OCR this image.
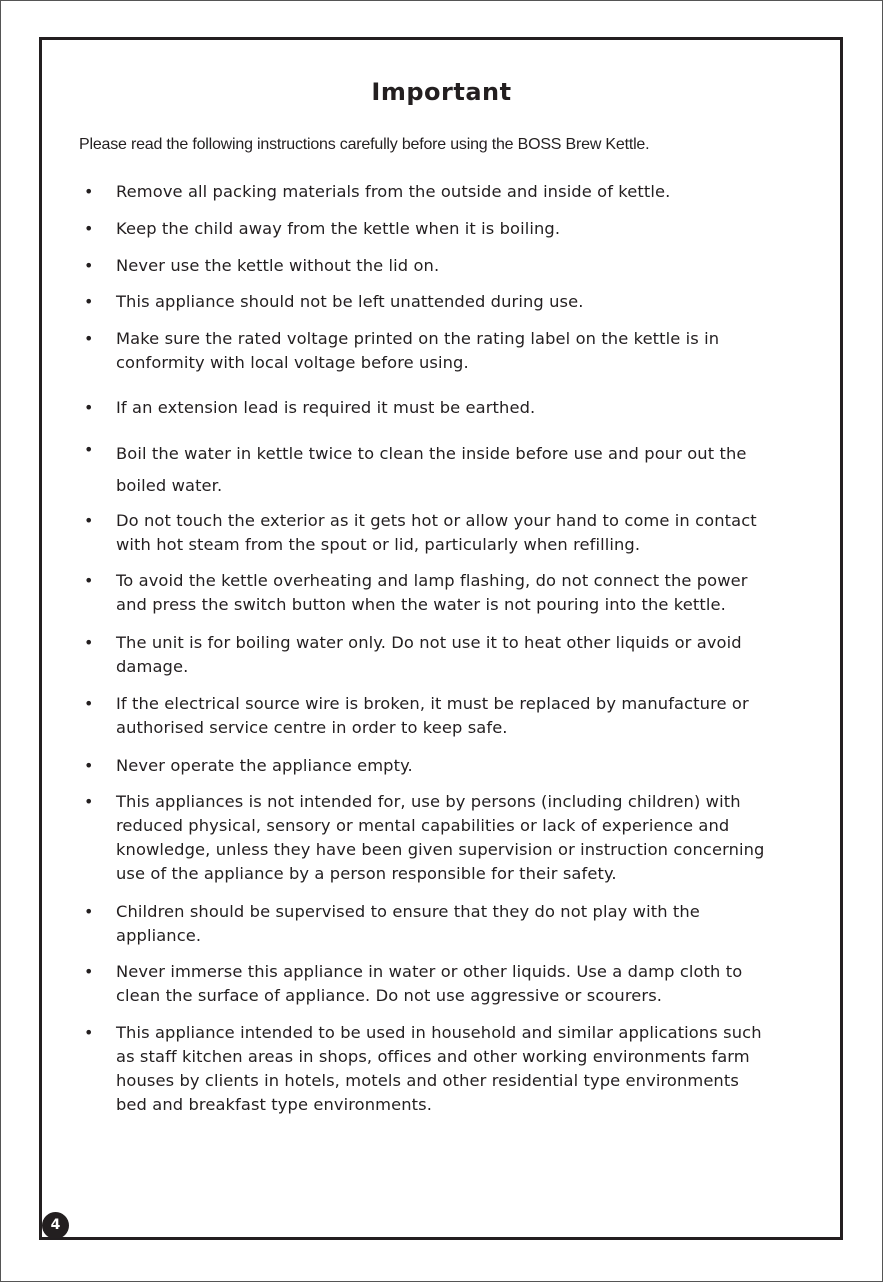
Important

Please read the following instructions carefully before using the BOSS Brew Kettle.

• Remove all packing materials from the outside and inside of kettle.

• Keep the child away from the kettle when it is boiling.

• Never use the kettle without the lid on.

• This appliance should not be left unattended during use.

• Make sure the rated voltage printed on the rating label on the kettle is in
conformity with local voltage before using.

• If an extension lead is required it must be earthed.

• Boil the water in kettle twice to clean the inside before use and pour out the
boiled water.

• Do not touch the exterior as it gets hot or allow your hand to come in contact
with hot steam from the spout or lid, particularly when refilling.

• To avoid the kettle overheating and lamp flashing, do not connect the power
and press the switch button when the water is not pouring into the kettle.

• The unit is for boiling water only. Do not use it to heat other liquids or avoid
damage.

• If the electrical source wire is broken, it must be replaced by manufacture or
authorised service centre in order to keep safe.

• Never operate the appliance empty.

• This appliances is not intended for, use by persons (including children) with
reduced physical, sensory or mental capabilities or lack of experience and
knowledge, unless they have been given supervision or instruction concerning
use of the appliance by a person responsible for their safety.

• Children should be supervised to ensure that they do not play with the
appliance.

• Never immerse this appliance in water or other liquids. Use a damp cloth to
clean the surface of appliance. Do not use aggressive or scourers.

• This appliance intended to be used in household and similar applications such
as staff kitchen areas in shops, offices and other working environments farm
houses by clients in hotels, motels and other residential type environments
bed and breakfast type environments.

4
